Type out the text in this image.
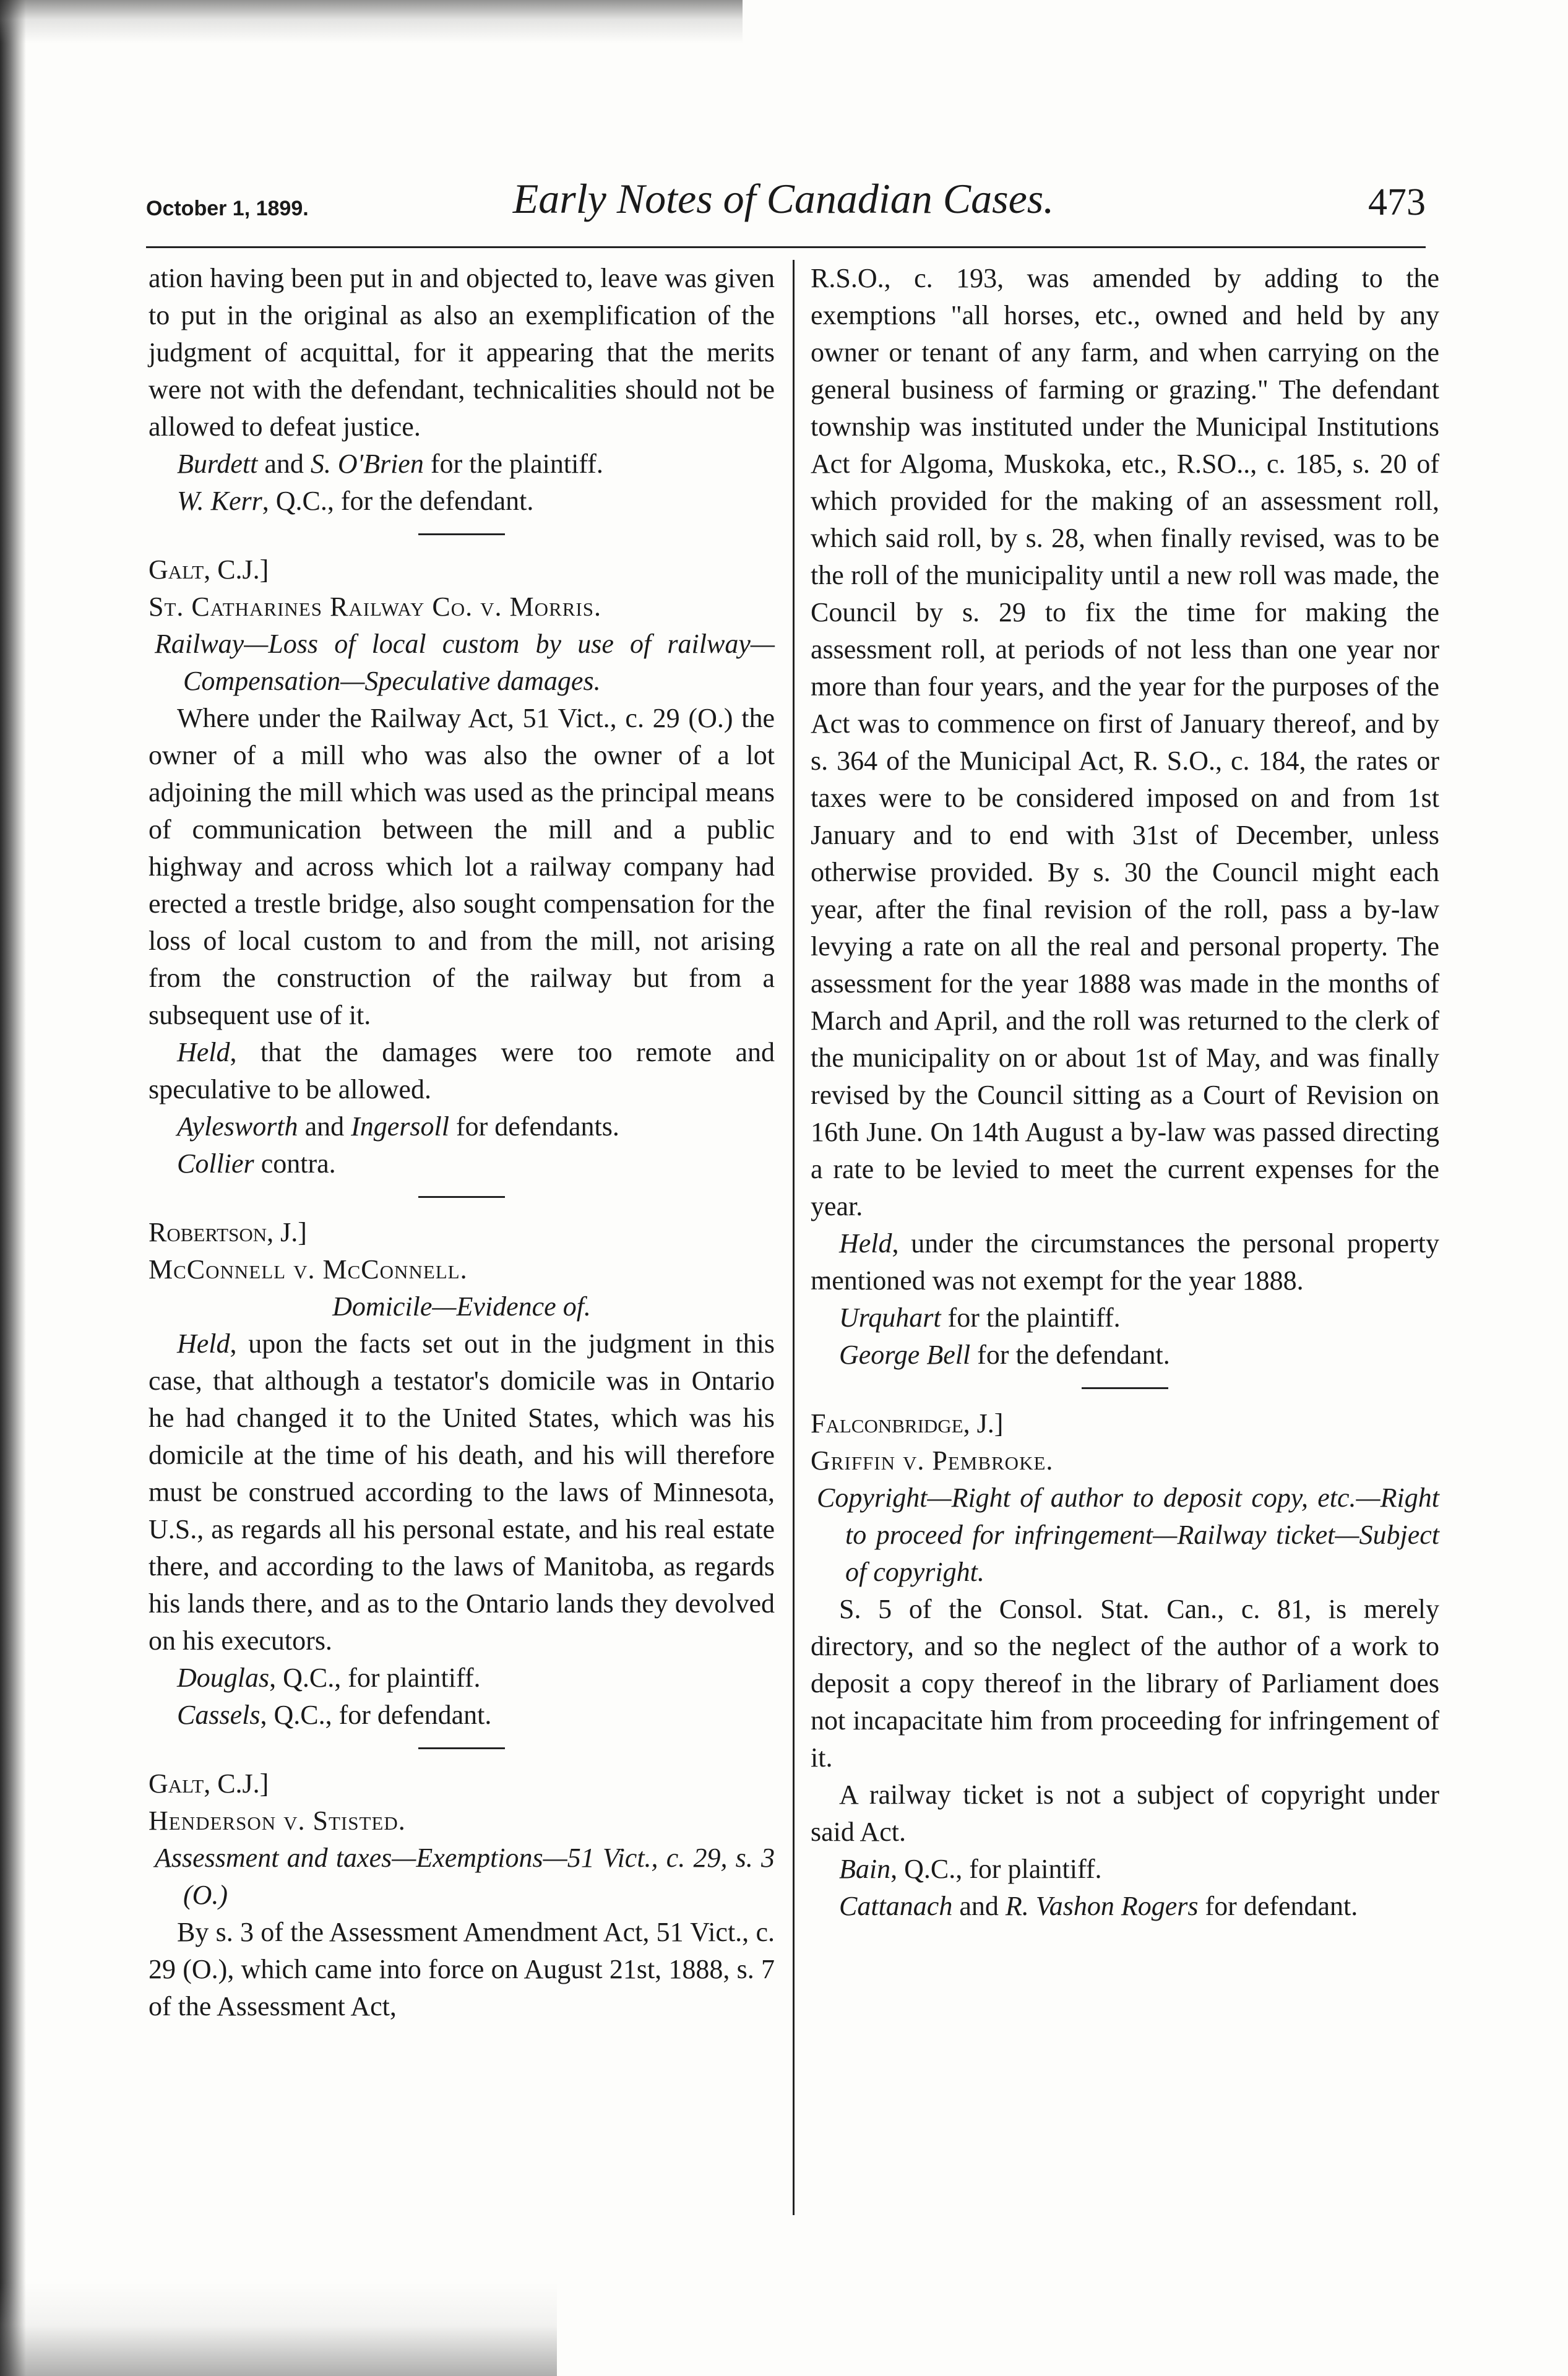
October 1, 1899.	Early Notes of Canadian Cases.	473

ation having been put in and objected to, leave was given to put in the original as also an exemplification of the judgment of acquittal, for it appearing that the merits were not with the defendant, technicalities should not be allowed to defeat justice.

Burdett and S. O'Brien for the plaintiff.

W. Kerr, Q.C., for the defendant.

Galt, C.J.]

St. Catharines Railway Co. v. Morris.

Railway—Loss of local custom by use of railway—Compensation—Speculative damages.

Where under the Railway Act, 51 Vict., c. 29 (O.) the owner of a mill who was also the owner of a lot adjoining the mill which was used as the principal means of communication between the mill and a public highway and across which lot a railway company had erected a trestle bridge, also sought compensation for the loss of local custom to and from the mill, not arising from the construction of the railway but from a subsequent use of it.

Held, that the damages were too remote and speculative to be allowed.

Aylesworth and Ingersoll for defendants.

Collier contra.

Robertson, J.]

McConnell v. McConnell.

Domicile—Evidence of.

Held, upon the facts set out in the judgment in this case, that although a testator's domicile was in Ontario he had changed it to the United States, which was his domicile at the time of his death, and his will therefore must be construed according to the laws of Minnesota, U.S., as regards all his personal estate, and his real estate there, and according to the laws of Manitoba, as regards his lands there, and as to the Ontario lands they devolved on his executors.

Douglas, Q.C., for plaintiff.

Cassels, Q.C., for defendant.

Galt, C.J.]

Henderson v. Stisted.

Assessment and taxes—Exemptions—51 Vict., c. 29, s. 3 (O.)

By s. 3 of the Assessment Amendment Act, 51 Vict., c. 29 (O.), which came into force on August 21st, 1888, s. 7 of the Assessment Act,

R.S.O., c. 193, was amended by adding to the exemptions "all horses, etc., owned and held by any owner or tenant of any farm, and when carrying on the general business of farming or grazing." The defendant township was instituted under the Municipal Institutions Act for Algoma, Muskoka, etc., R.SO.., c. 185, s. 20 of which provided for the making of an assessment roll, which said roll, by s. 28, when finally revised, was to be the roll of the municipality until a new roll was made, the Council by s. 29 to fix the time for making the assessment roll, at periods of not less than one year nor more than four years, and the year for the purposes of the Act was to commence on first of January thereof, and by s. 364 of the Municipal Act, R. S.O., c. 184, the rates or taxes were to be considered imposed on and from 1st January and to end with 31st of December, unless otherwise provided. By s. 30 the Council might each year, after the final revision of the roll, pass a by-law levying a rate on all the real and personal property. The assessment for the year 1888 was made in the months of March and April, and the roll was returned to the clerk of the municipality on or about 1st of May, and was finally revised by the Council sitting as a Court of Revision on 16th June. On 14th August a by-law was passed directing a rate to be levied to meet the current expenses for the year.

Held, under the circumstances the personal property mentioned was not exempt for the year 1888.

Urquhart for the plaintiff.

George Bell for the defendant.

Falconbridge, J.]

Griffin v. Pembroke.

Copyright—Right of author to deposit copy, etc.—Right to proceed for infringement—Railway ticket—Subject of copyright.

S. 5 of the Consol. Stat. Can., c. 81, is merely directory, and so the neglect of the author of a work to deposit a copy thereof in the library of Parliament does not incapacitate him from proceeding for infringement of it.

A railway ticket is not a subject of copyright under said Act.

Bain, Q.C., for plaintiff.

Cattanach and R. Vashon Rogers for defendant.
